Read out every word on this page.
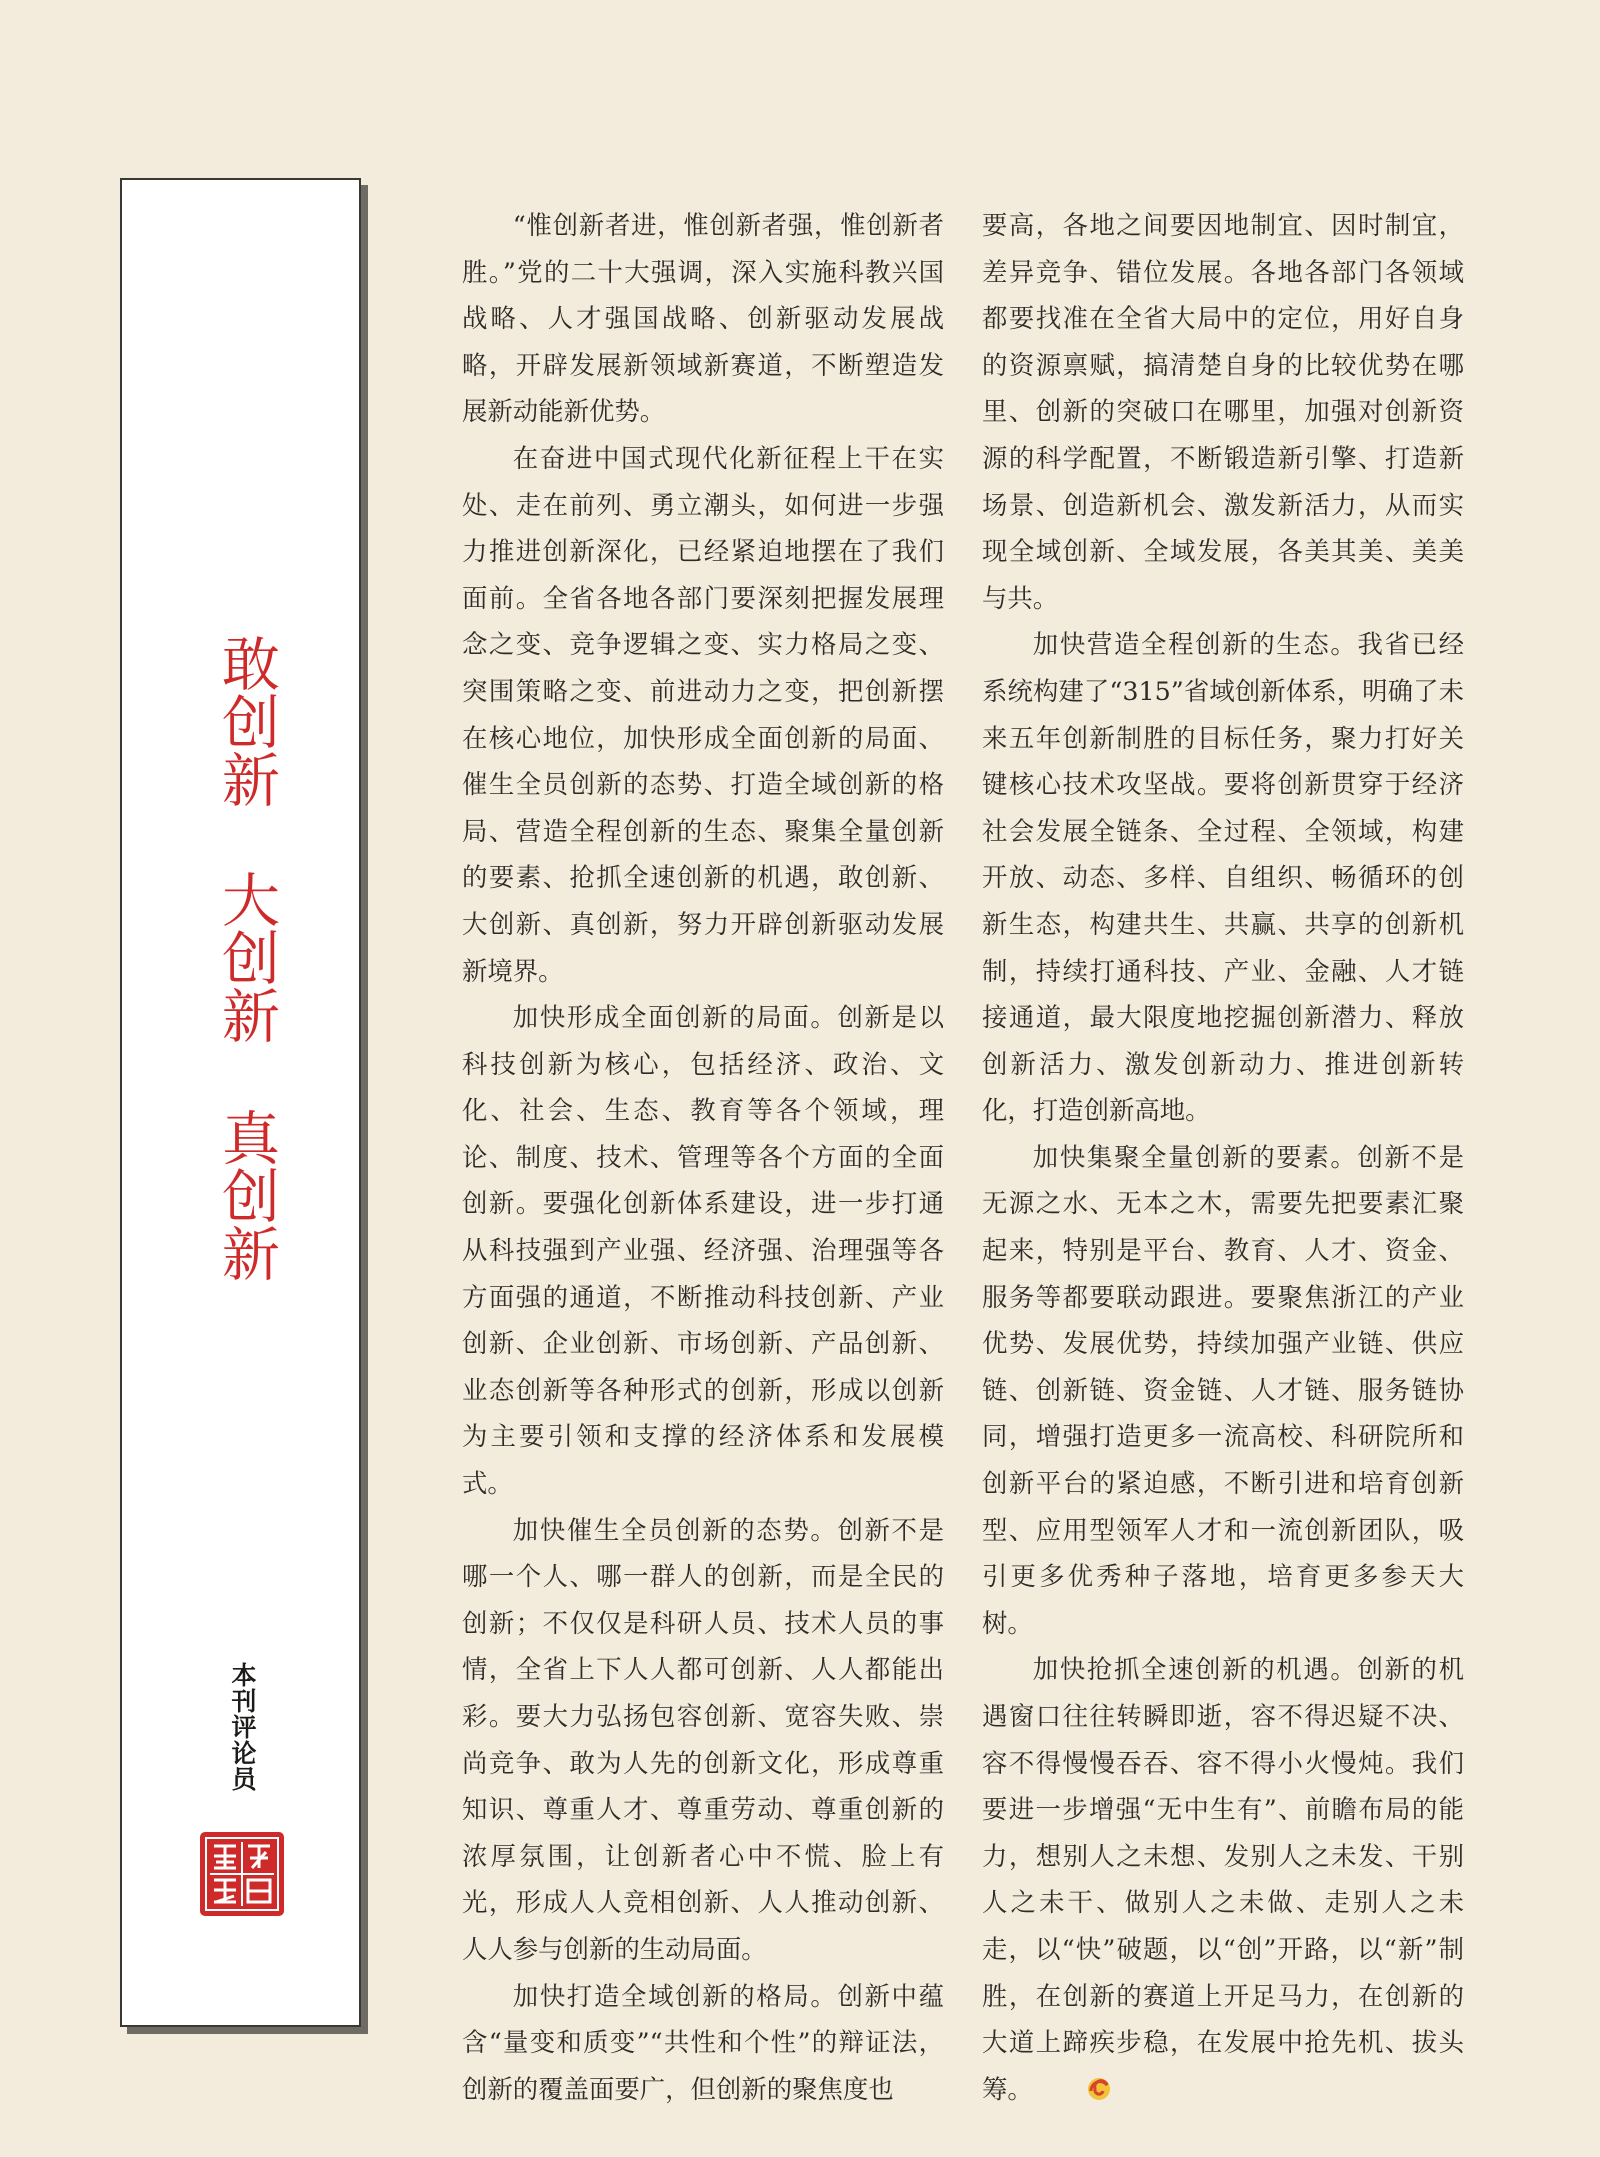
敢创新
大创新
真创新
本刊评论员

“惟创新者进，惟创新者强，惟创新者胜。”党的二十大强调，深入实施科教兴国战略、人才强国战略、创新驱动发展战略，开辟发展新领域新赛道，不断塑造发展新动能新优势。

在奋进中国式现代化新征程上干在实处、走在前列、勇立潮头，如何进一步强力推进创新深化，已经紧迫地摆在了我们面前。全省各地各部门要深刻把握发展理念之变、竞争逻辑之变、实力格局之变、突围策略之变、前进动力之变，把创新摆在核心地位，加快形成全面创新的局面、催生全员创新的态势、打造全域创新的格局、营造全程创新的生态、聚集全量创新的要素、抢抓全速创新的机遇，敢创新、大创新、真创新，努力开辟创新驱动发展新境界。

加快形成全面创新的局面。创新是以科技创新为核心，包括经济、政治、文化、社会、生态、教育等各个领域，理论、制度、技术、管理等各个方面的全面创新。要强化创新体系建设，进一步打通从科技强到产业强、经济强、治理强等各方面强的通道，不断推动科技创新、产业创新、企业创新、市场创新、产品创新、业态创新等各种形式的创新，形成以创新为主要引领和支撑的经济体系和发展模式。

加快催生全员创新的态势。创新不是哪一个人、哪一群人的创新，而是全民的创新；不仅仅是科研人员、技术人员的事情，全省上下人人都可创新、人人都能出彩。要大力弘扬包容创新、宽容失败、崇尚竞争、敢为人先的创新文化，形成尊重知识、尊重人才、尊重劳动、尊重创新的浓厚氛围，让创新者心中不慌、脸上有光，形成人人竞相创新、人人推动创新、人人参与创新的生动局面。

加快打造全域创新的格局。创新中蕴含“量变和质变”“共性和个性”的辩证法，创新的覆盖面要广，但创新的聚焦度也

要高，各地之间要因地制宜、因时制宜，差异竞争、错位发展。各地各部门各领域都要找准在全省大局中的定位，用好自身的资源禀赋，搞清楚自身的比较优势在哪里、创新的突破口在哪里，加强对创新资源的科学配置，不断锻造新引擎、打造新场景、创造新机会、激发新活力，从而实现全域创新、全域发展，各美其美、美美与共。

加快营造全程创新的生态。我省已经系统构建了“315”省域创新体系，明确了未来五年创新制胜的目标任务，聚力打好关键核心技术攻坚战。要将创新贯穿于经济社会发展全链条、全过程、全领域，构建开放、动态、多样、自组织、畅循环的创新生态，构建共生、共赢、共享的创新机制，持续打通科技、产业、金融、人才链接通道，最大限度地挖掘创新潜力、释放创新活力、激发创新动力、推进创新转化，打造创新高地。

加快集聚全量创新的要素。创新不是无源之水、无本之木，需要先把要素汇聚起来，特别是平台、教育、人才、资金、服务等都要联动跟进。要聚焦浙江的产业优势、发展优势，持续加强产业链、供应链、创新链、资金链、人才链、服务链协同，增强打造更多一流高校、科研院所和创新平台的紧迫感，不断引进和培育创新型、应用型领军人才和一流创新团队，吸引更多优秀种子落地，培育更多参天大树。

加快抢抓全速创新的机遇。创新的机遇窗口往往转瞬即逝，容不得迟疑不决、容不得慢慢吞吞、容不得小火慢炖。我们要进一步增强“无中生有”、前瞻布局的能力，想别人之未想、发别人之未发、干别人之未干、做别人之未做、走别人之未走，以“快”破题，以“创”开路，以“新”制胜，在创新的赛道上开足马力，在创新的大道上蹄疾步稳，在发展中抢先机、拔头筹。
